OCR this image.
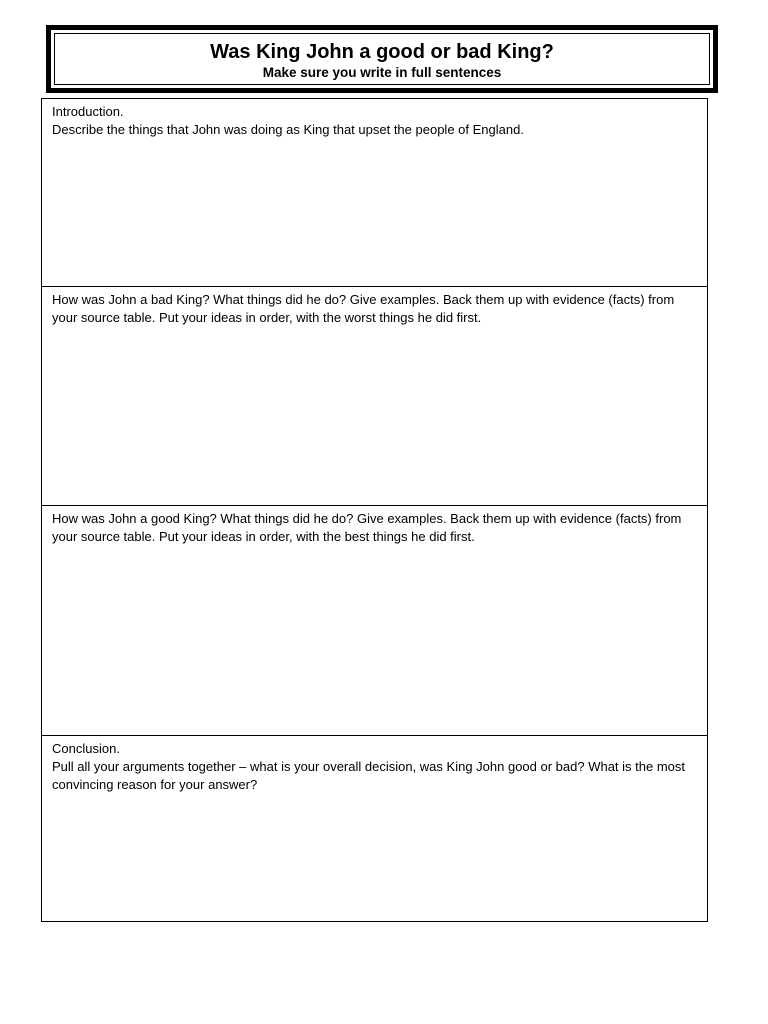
Was King John a good or bad King?
Make sure you write in full sentences

Introduction.

Describe the things that John was doing as King that upset the people of England.

How was John a bad King? What things did he do? Give examples. Back them up with evidence (facts) from your source table. Put your ideas in order, with the worst things he did first.

How was John a good King? What things did he do? Give examples. Back them up with evidence (facts) from your source table. Put your ideas in order, with the best things he did first.

Conclusion.

Pull all your arguments together – what is your overall decision, was King John good or bad? What is the most convincing reason for your answer?
